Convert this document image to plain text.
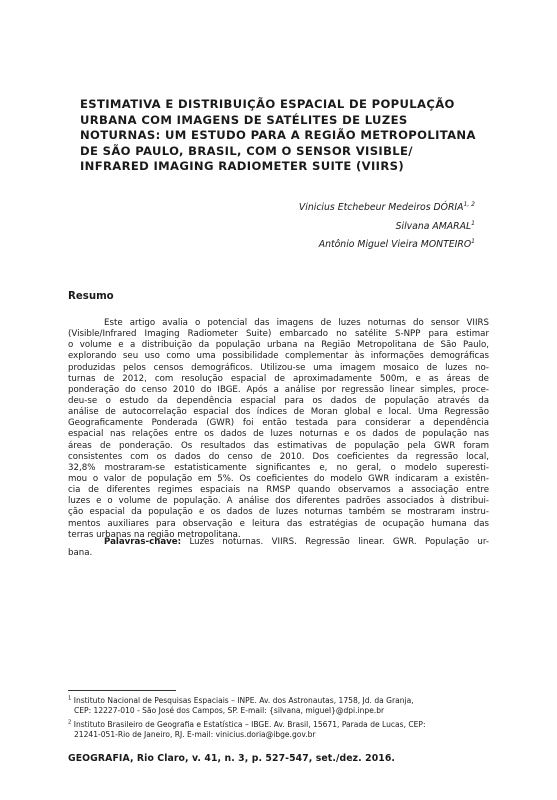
ESTIMATIVA E DISTRIBUIÇÃO ESPACIAL DE POPULAÇÃO
URBANA COM IMAGENS DE SATÉLITES DE LUZES
NOTURNAS: UM ESTUDO PARA A REGIÃO METROPOLITANA
DE SÃO PAULO, BRASIL, COM O SENSOR VISIBLE/
INFRARED IMAGING RADIOMETER SUITE (VIIRS)
Vinicius Etchebeur Medeiros DÓRIA$^{1, 2}$
Silvana AMARAL$^1$
Antônio Miguel Vieira MONTEIRO$^1$
Resumo
Este artigo avalia o potencial das imagens de luzes noturnas do sensor VIIRS
(Visible/Infrared Imaging Radiometer Suite) embarcado no satélite S-NPP para estimar
o volume e a distribuição da população urbana na Região Metropolitana de São Paulo,
explorando seu uso como uma possibilidade complementar às informações demográficas
produzidas pelos censos demográficos. Utilizou-se uma imagem mosaico de luzes no-
turnas de 2012, com resolução espacial de aproximadamente 500m, e as áreas de
ponderação do censo 2010 do IBGE. Após a análise por regressão linear simples, proce-
deu-se o estudo da dependência espacial para os dados de população através da
análise de autocorrelação espacial dos índices de Moran global e local. Uma Regressão
Geograficamente Ponderada (GWR) foi então testada para considerar a dependência
espacial nas relações entre os dados de luzes noturnas e os dados de população nas
áreas de ponderação. Os resultados das estimativas de população pela GWR foram
consistentes com os dados do censo de 2010. Dos coeficientes da regressão local,
32,8% mostraram-se estatisticamente significantes e, no geral, o modelo superesti-
mou o valor de população em 5%. Os coeficientes do modelo GWR indicaram a existên-
cia de diferentes regimes espaciais na RMSP quando observamos a associação entre
luzes e o volume de população. A análise dos diferentes padrões associados à distribui-
ção espacial da população e os dados de luzes noturnas também se mostraram instru-
mentos auxiliares para observação e leitura das estratégias de ocupação humana das
terras urbanas na região metropolitana.
Palavras-chave: Luzes noturnas. VIIRS. Regressão linear. GWR. População ur-
bana.
$^1$ Instituto Nacional de Pesquisas Espaciais – INPE. Av. dos Astronautas, 1758, Jd. da Granja,
CEP: 12227-010 - São José dos Campos, SP. E-mail: {silvana, miguel}@dpi.inpe.br
$^2$ Instituto Brasileiro de Geografia e Estatística – IBGE. Av. Brasil, 15671, Parada de Lucas, CEP:
21241-051-Rio de Janeiro, RJ. E-mail: vinicius.doria@ibge.gov.br
GEOGRAFIA, Rio Claro, v. 41, n. 3, p. 527-547, set./dez. 2016.
